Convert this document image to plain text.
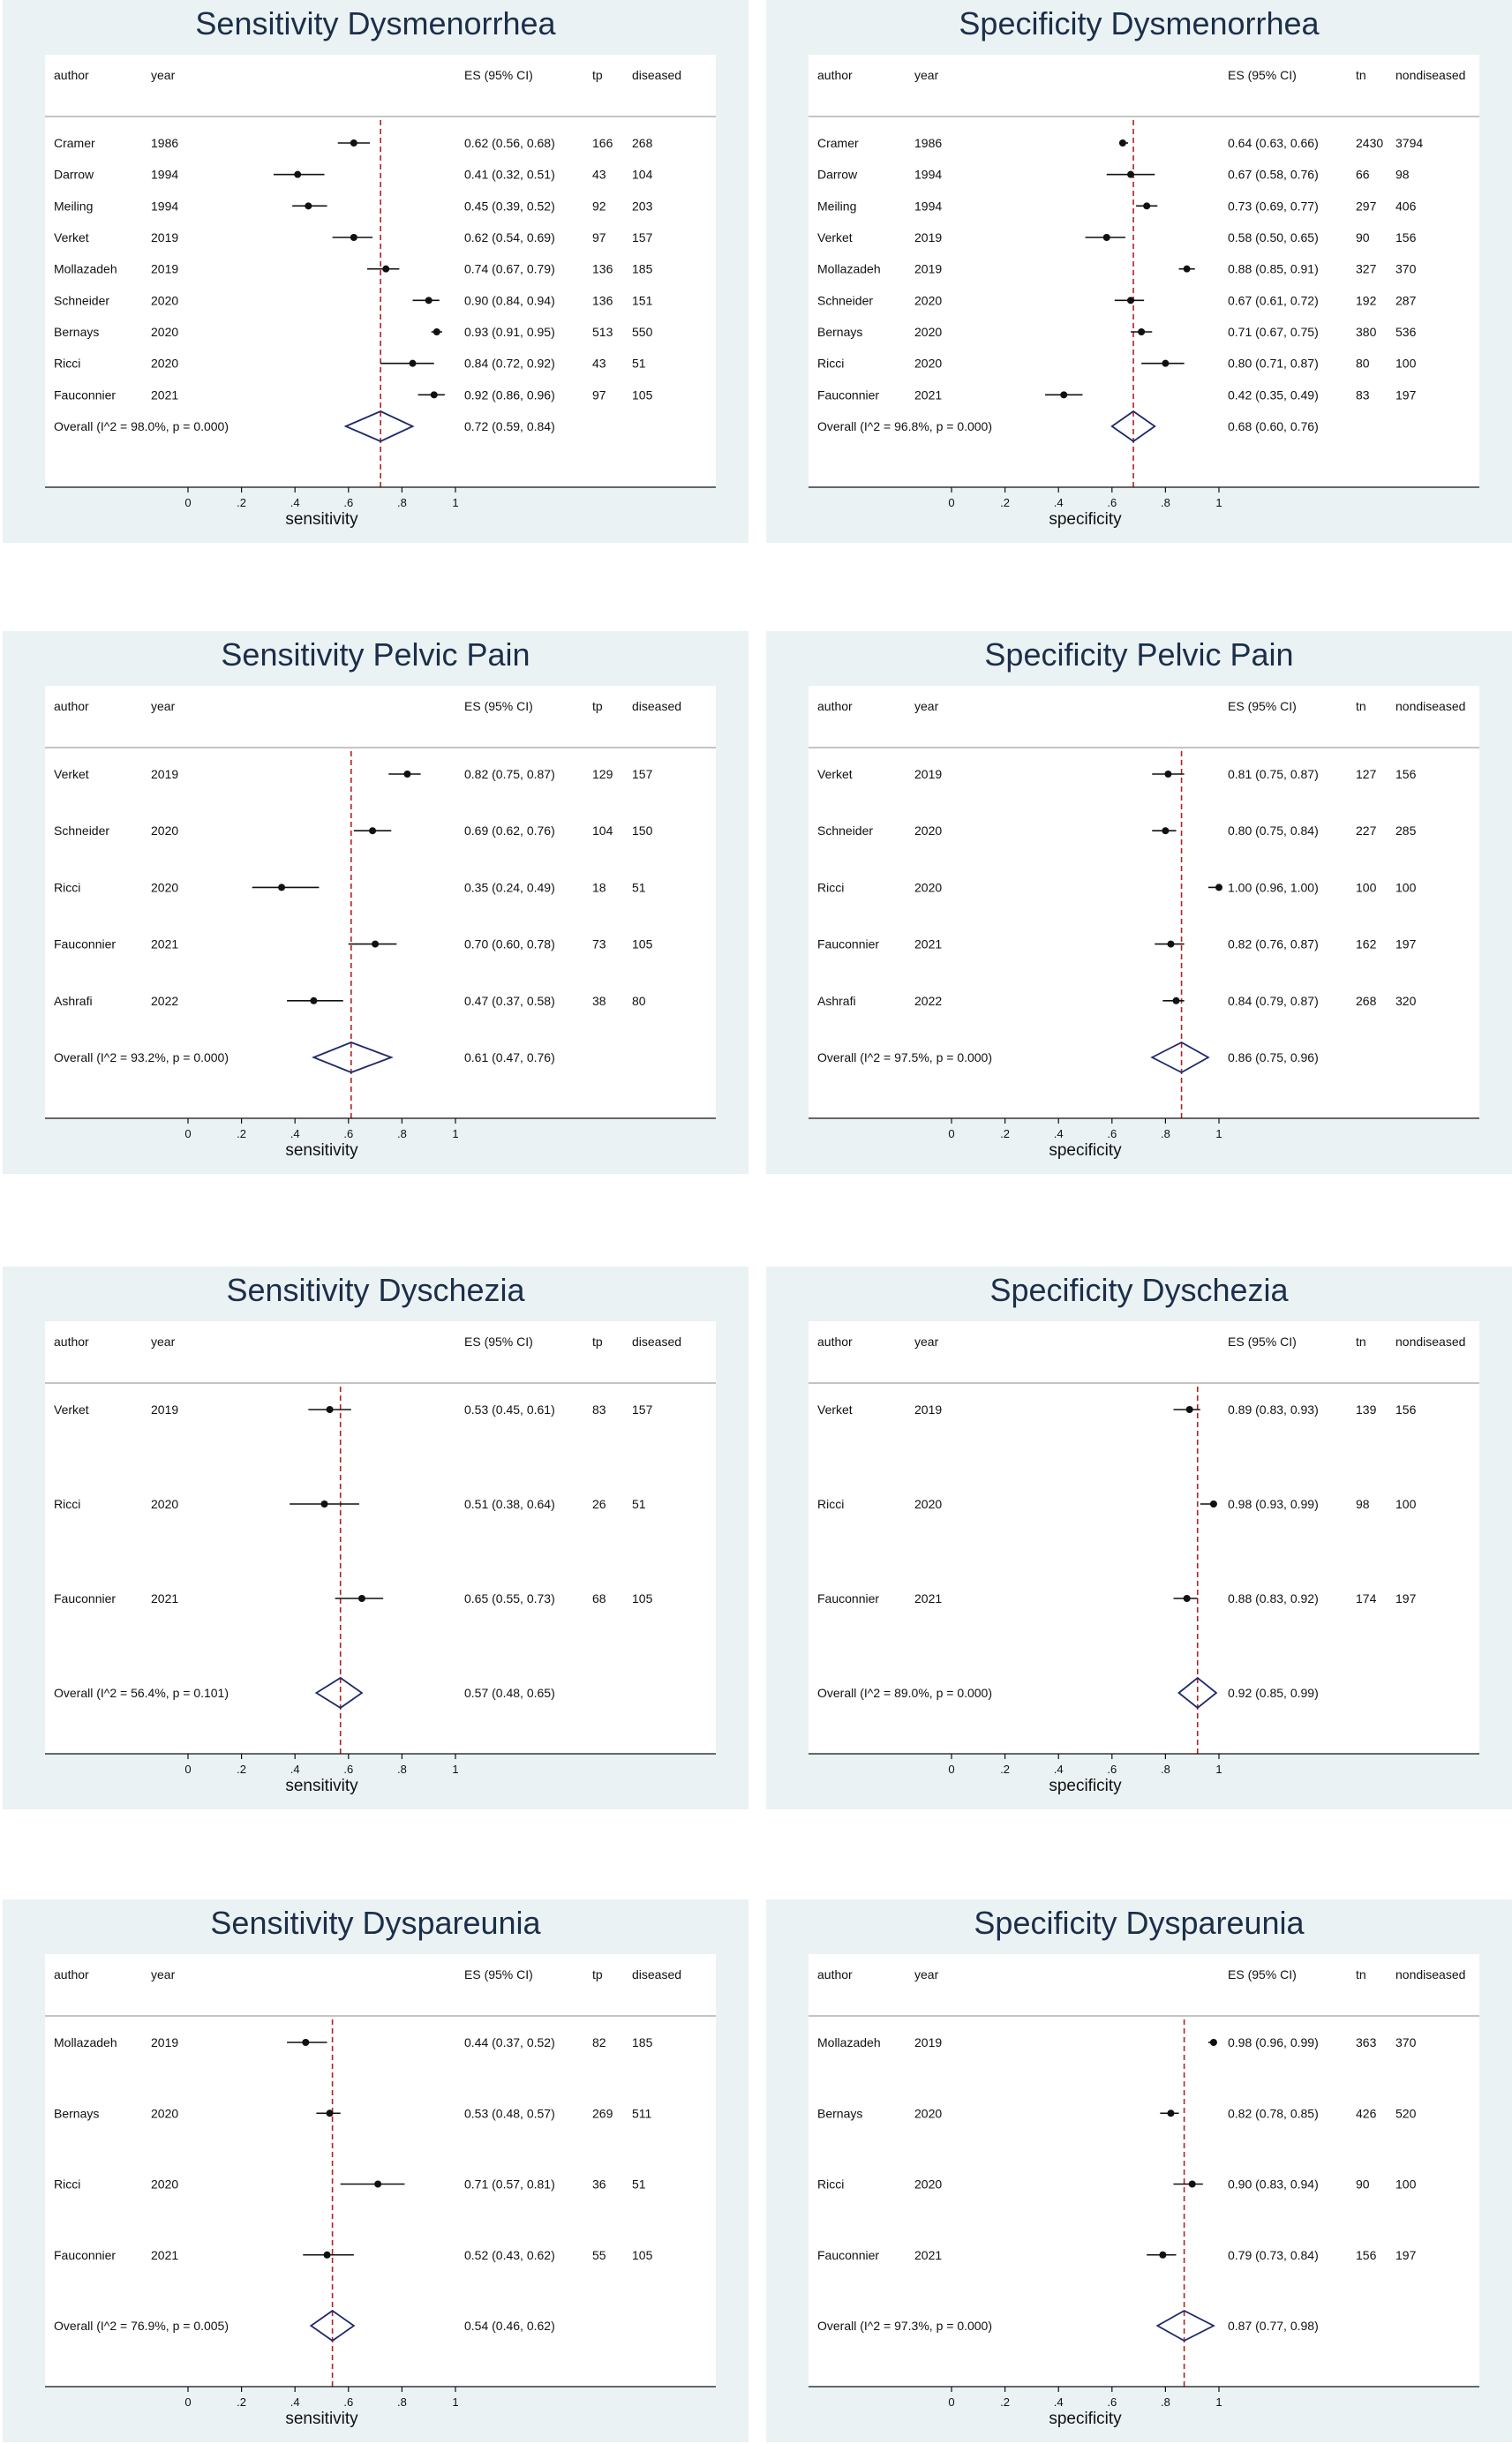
Sensitivity Dysmenorrhea
author	year	ES (95% CI)	tp diseased
Cramer	1986	0.62 (0.56, 0.68)	166 268
Darrow	1994	0.41 (0.32, 0.51)	43 104
Meiling	1994	0.45 (0.39, 0.52)	92 203
Verket	2019	0.62 (0.54, 0.69)	97 157
Mollazadeh	2019	0.74 (0.67, 0.79)	136 185
Schneider	2020	0.90 (0.84, 0.94)	136 151
Bernays	2020	0.93 (0.91, 0.95)	513 550
Ricci	2020	0.84 (0.72, 0.92)	43 51
Fauconnier	2021	0.92 (0.86, 0.96)	97 105
Overall (I^2 = 98.0%, p = 0.000)	0.72 (0.59, 0.84)
0	.2	.4	.6	.8	1
sensitivity
Specificity Dysmenorrhea
author	year	ES (95% CI)	tn nondiseased
Cramer	1986	0.64 (0.63, 0.66)	2430 3794
Darrow	1994	0.67 (0.58, 0.76)	66 98
Meiling	1994	0.73 (0.69, 0.77)	297 406
Verket	2019	0.58 (0.50, 0.65)	90 156
Mollazadeh	2019	0.88 (0.85, 0.91)	327 370
Schneider	2020	0.67 (0.61, 0.72)	192 287
Bernays	2020	0.71 (0.67, 0.75)	380 536
Ricci	2020	0.80 (0.71, 0.87)	80 100
Fauconnier	2021	0.42 (0.35, 0.49)	83 197
Overall (I^2 = 96.8%, p = 0.000)	0.68 (0.60, 0.76)
0	.2	.4	.6	.8	1
specificity
Sensitivity Pelvic Pain
author	year	ES (95% CI)	tp diseased
Verket	2019	0.82 (0.75, 0.87)	129 157
Schneider	2020	0.69 (0.62, 0.76)	104 150
Ricci	2020	0.35 (0.24, 0.49)	18 51
Fauconnier	2021	0.70 (0.60, 0.78)	73 105
Ashrafi	2022	0.47 (0.37, 0.58)	38 80
Overall (I^2 = 93.2%, p = 0.000)	0.61 (0.47, 0.76)
0	.2	.4	.6	.8	1
sensitivity
Specificity Pelvic Pain
author	year	ES (95% CI)	tn nondiseased
Verket	2019	0.81 (0.75, 0.87)	127 156
Schneider	2020	0.80 (0.75, 0.84)	227 285
Ricci	2020	1.00 (0.96, 1.00)	100 100
Fauconnier	2021	0.82 (0.76, 0.87)	162 197
Ashrafi	2022	0.84 (0.79, 0.87)	268 320
Overall (I^2 = 97.5%, p = 0.000)	0.86 (0.75, 0.96)
0	.2	.4	.6	.8	1
specificity
Sensitivity Dyschezia
author	year	ES (95% CI)	tp diseased
Verket	2019	0.53 (0.45, 0.61)	83 157
Ricci	2020	0.51 (0.38, 0.64)	26 51
Fauconnier	2021	0.65 (0.55, 0.73)	68 105
Overall (I^2 = 56.4%, p = 0.101)	0.57 (0.48, 0.65)
0	.2	.4	.6	.8	1
sensitivity
Specificity Dyschezia
author	year	ES (95% CI)	tn nondiseased
Verket	2019	0.89 (0.83, 0.93)	139 156
Ricci	2020	0.98 (0.93, 0.99)	98 100
Fauconnier	2021	0.88 (0.83, 0.92)	174 197
Overall (I^2 = 89.0%, p = 0.000)	0.92 (0.85, 0.99)
0	.2	.4	.6	.8	1
specificity
Sensitivity Dyspareunia
author	year	ES (95% CI)	tp diseased
Mollazadeh	2019	0.44 (0.37, 0.52)	82 185
Bernays	2020	0.53 (0.48, 0.57)	269 511
Ricci	2020	0.71 (0.57, 0.81)	36 51
Fauconnier	2021	0.52 (0.43, 0.62)	55 105
Overall (I^2 = 76.9%, p = 0.005)	0.54 (0.46, 0.62)
0	.2	.4	.6	.8	1
sensitivity
Specificity Dyspareunia
author	year	ES (95% CI)	tn nondiseased
Mollazadeh	2019	0.98 (0.96, 0.99)	363 370
Bernays	2020	0.82 (0.78, 0.85)	426 520
Ricci	2020	0.90 (0.83, 0.94)	90 100
Fauconnier	2021	0.79 (0.73, 0.84)	156 197
Overall (I^2 = 97.3%, p = 0.000)	0.87 (0.77, 0.98)
0	.2	.4	.6	.8	1
specificity
